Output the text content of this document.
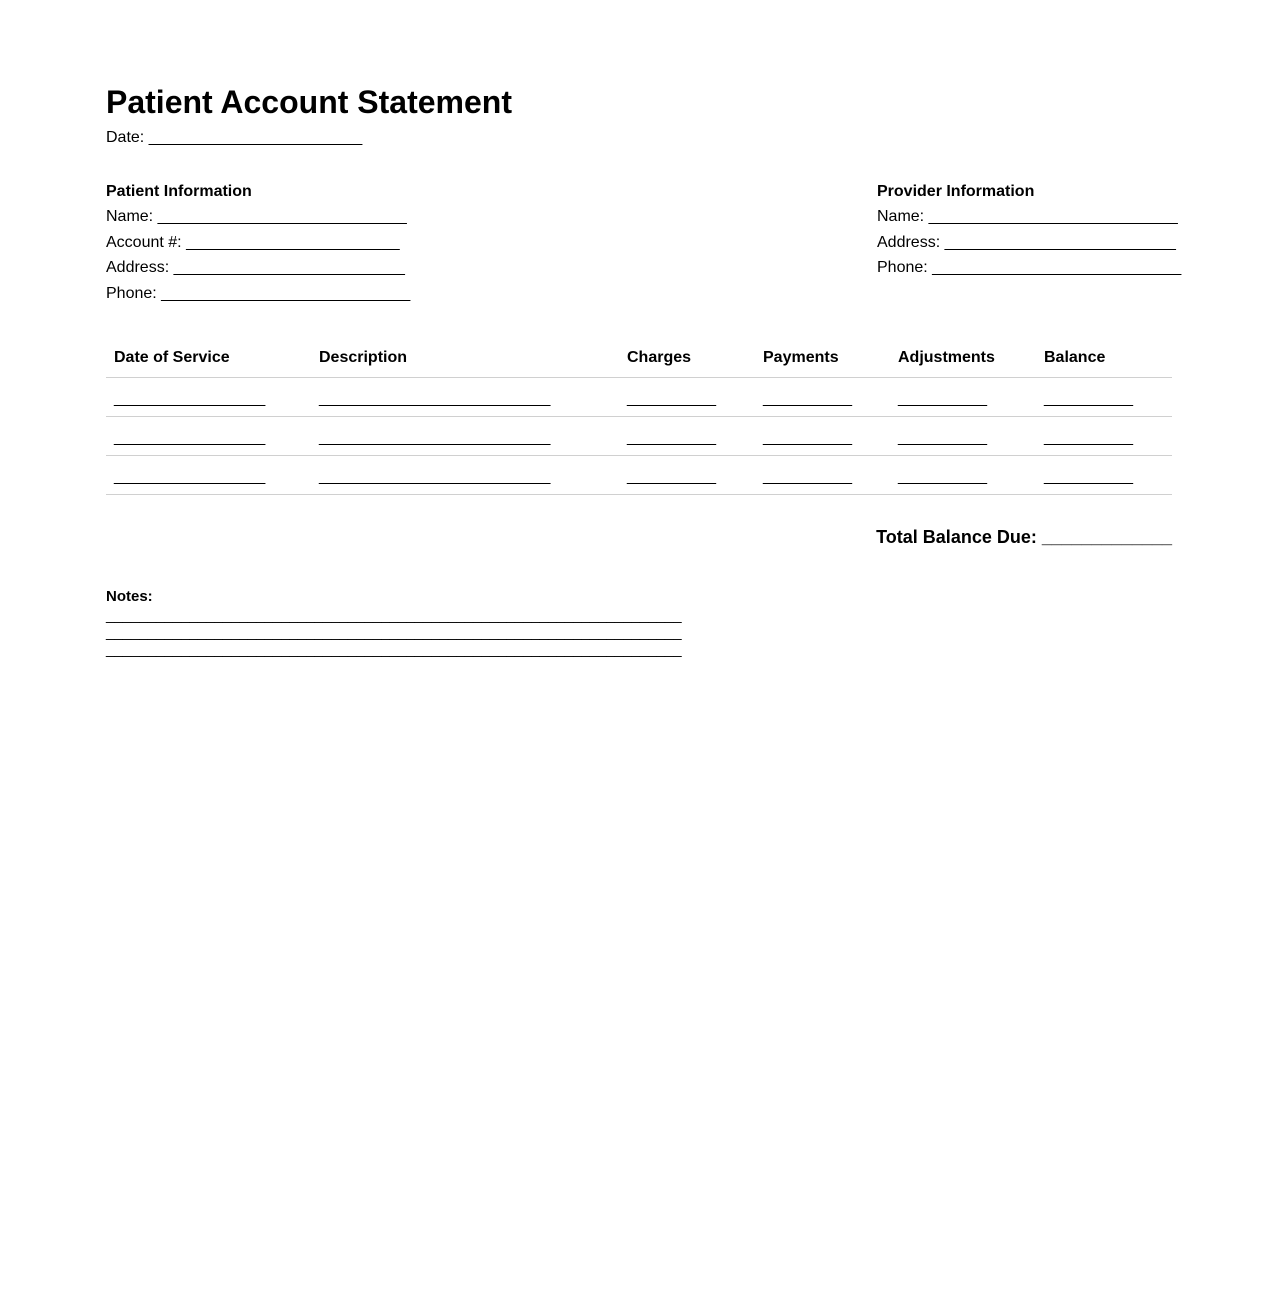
Patient Account Statement
Date: ________________________
Patient Information
Name: ____________________________
Account #: ________________________
Address: __________________________
Phone: ____________________________
Provider Information
Name: ____________________________
Address: __________________________
Phone: ____________________________
Date of Service	Description	Charges	Payments	Adjustments	Balance
_________________	__________________________	__________	__________	__________	__________
_________________	__________________________	__________	__________	__________	__________
_________________	__________________________	__________	__________	__________	__________
Total Balance Due: _____________
Notes:
_____________________________________________________________________
_____________________________________________________________________
_____________________________________________________________________
